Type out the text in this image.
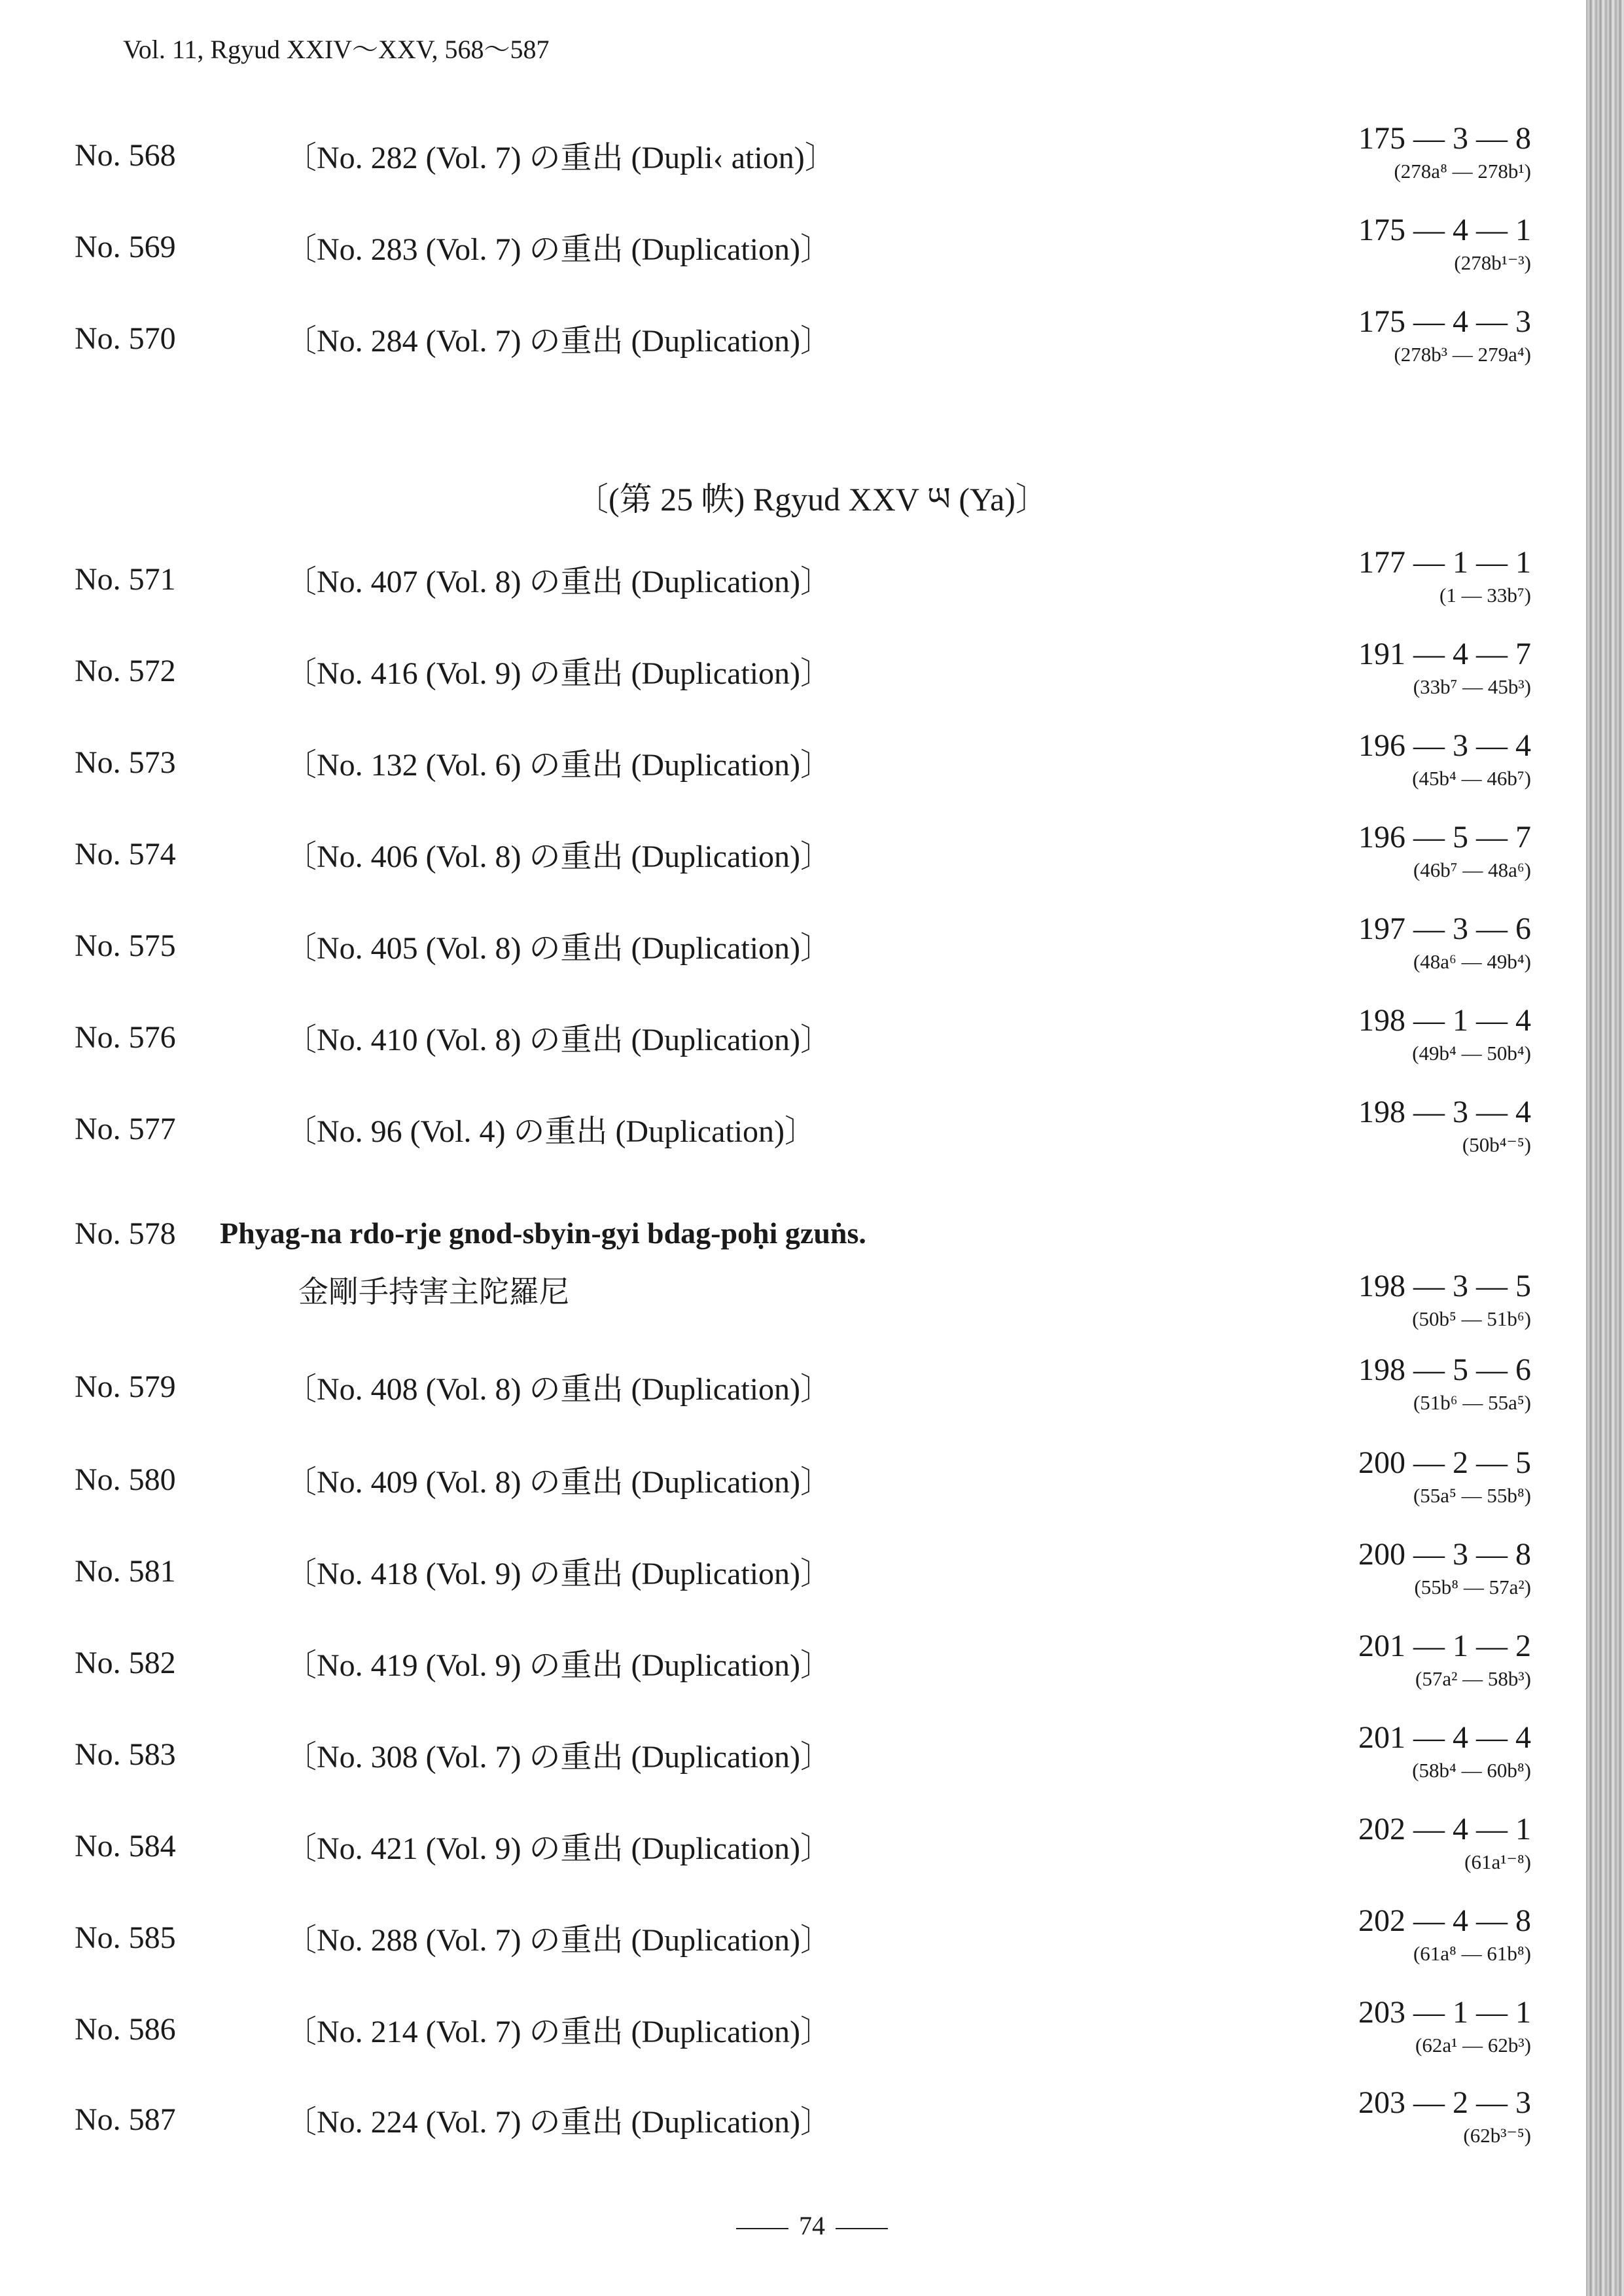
Vol. 11, Rgyud XXIV～XXV, 568～587
No. 568	〔No. 282 (Vol. 7) の重出 (Dupli‹ ation)〕
175 — 3 — 8
(278a⁸ — 278b¹)
No. 569	〔No. 283 (Vol. 7) の重出 (Duplication)〕
175 — 4 — 1
(278b¹⁻³)
No. 570	〔No. 284 (Vol. 7) の重出 (Duplication)〕
175 — 4 — 3
(278b³ — 279a⁴)
〔(第 25 帙) Rgyud XXV ཡ (Ya)〕
No. 571	〔No. 407 (Vol. 8) の重出 (Duplication)〕
177 — 1 — 1
(1 — 33b⁷)
No. 572	〔No. 416 (Vol. 9) の重出 (Duplication)〕
191 — 4 — 7
(33b⁷ — 45b³)
No. 573	〔No. 132 (Vol. 6) の重出 (Duplication)〕
196 — 3 — 4
(45b⁴ — 46b⁷)
No. 574	〔No. 406 (Vol. 8) の重出 (Duplication)〕
196 — 5 — 7
(46b⁷ — 48a⁶)
No. 575	〔No. 405 (Vol. 8) の重出 (Duplication)〕
197 — 3 — 6
(48a⁶ — 49b⁴)
No. 576	〔No. 410 (Vol. 8) の重出 (Duplication)〕
198 — 1 — 4
(49b⁴ — 50b⁴)
No. 577	〔No. 96 (Vol. 4) の重出 (Duplication)〕
198 — 3 — 4
(50b⁴⁻⁵)
No. 578 Phyag-na rdo-rje gnod-sbyin-gyi bdag-poḥi gzuṅs.
金剛手持害主陀羅尼	198 — 3 — 5
(50b⁵ — 51b⁶)
No. 579	〔No. 408 (Vol. 8) の重出 (Duplication)〕
198 — 5 — 6
(51b⁶ — 55a⁵)
No. 580	〔No. 409 (Vol. 8) の重出 (Duplication)〕
200 — 2 — 5
(55a⁵ — 55b⁸)
No. 581	〔No. 418 (Vol. 9) の重出 (Duplication)〕
200 — 3 — 8
(55b⁸ — 57a²)
No. 582	〔No. 419 (Vol. 9) の重出 (Duplication)〕
201 — 1 — 2
(57a² — 58b³)
No. 583	〔No. 308 (Vol. 7) の重出 (Duplication)〕
201 — 4 — 4
(58b⁴ — 60b⁸)
No. 584	〔No. 421 (Vol. 9) の重出 (Duplication)〕
202 — 4 — 1
(61a¹⁻⁸)
No. 585	〔No. 288 (Vol. 7) の重出 (Duplication)〕
202 — 4 — 8
(61a⁸ — 61b⁸)
No. 586	〔No. 214 (Vol. 7) の重出 (Duplication)〕
203 — 1 — 1
(62a¹ — 62b³)
No. 587	〔No. 224 (Vol. 7) の重出 (Duplication)〕
203 — 2 — 3
(62b³⁻⁵)
74
